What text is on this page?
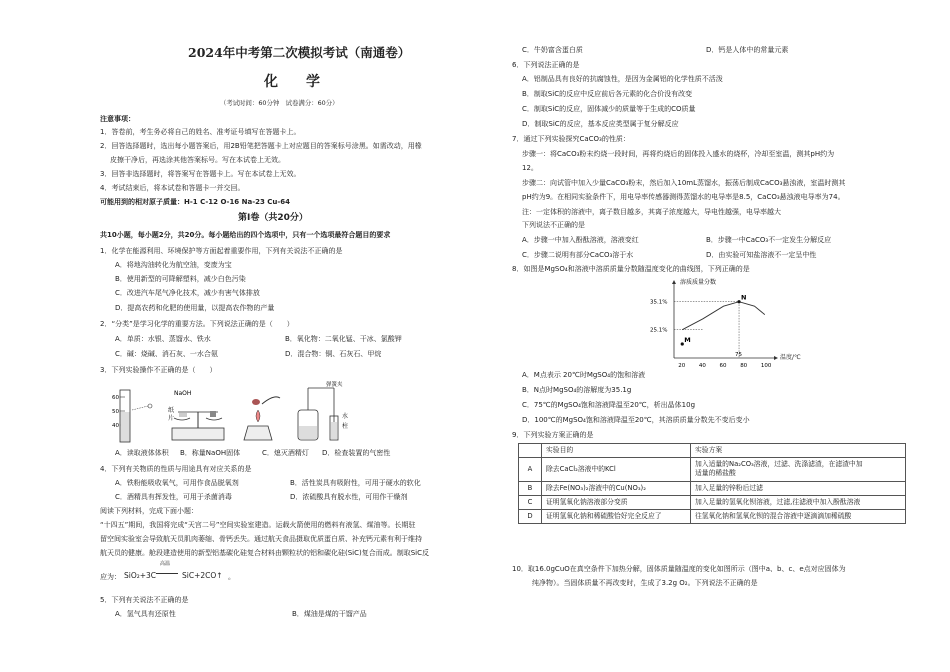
2024年中考第二次模拟考试（南通卷）
化学
（考试时间：60分钟　试卷满分：60分）
注意事项：
1．答卷前，考生务必将自己的姓名、准考证号填写在答题卡上。
2．回答选择题时，选出每小题答案后，用2B铅笔把答题卡上对应题目的答案标号涂黑。如需改动，用橡
皮擦干净后，再选涂其他答案标号。写在本试卷上无效。
3．回答非选择题时，将答案写在答题卡上。写在本试卷上无效。
4．考试结束后，将本试卷和答题卡一并交回。
可能用到的相对原子质量：H-1 C-12 O-16 Na-23 Cu-64
第Ⅰ卷（共20分）
共10小题，每小题2分，共20分。每小题给出的四个选项中，只有一个选项最符合题目的要求
1．化学在能源利用、环境保护等方面起着重要作用，下列有关说法不正确的是
A．将地沟油转化为航空油，变废为宝
B．使用新型的可降解塑料，减少白色污染
C．改进汽车尾气净化技术，减少有害气体排放
D．提高农药和化肥的使用量，以提高农作物的产量
2．“分类”是学习化学的重要方法。下列说法正确的是（　　）
A．单质：水银、蒸馏水、铁水	B．氧化物：二氧化锰、干冰、氯酸钾
C．碱：烧碱、消石灰、一水合氨	D．混合物：铜、石灰石、甲烷
3．下列实验操作不正确的是（　　）
60
50
40
NaOH
纸
片
弹簧夹
水
柱
A．读取液体体积 B．称量NaOH固体	C．熄灭酒精灯 D．检查装置的气密性
4．下列有关物质的性质与用途具有对应关系的是
A．铁粉能吸收氧气，可用作食品脱氧剂	B．活性炭具有吸附性，可用于硬水的软化
C．酒精具有挥发性，可用于杀菌消毒	D．浓硫酸具有脱水性，可用作干燥剂
阅读下列材料，完成下面小题：
“十四五”期间，我国将完成“天宫二号”空间实验室建造。运载火箭使用的燃料有液氢、煤油等。长期驻
留空间实验室会导致航天员肌肉萎缩、骨钙丢失。通过航天食品摄取优质蛋白质、补充钙元素有利于维持
航天员的健康。舱段建造使用的新型铝基碳化硅复合材料由颗粒状的铝和碳化硅(SiC)复合而成。制取SiC反
应为： SiO₂+3C
高温
SiC+2CO↑ 。
5．下列有关说法不正确的是
A．氢气具有还原性	B．煤油是煤的干馏产品
C．牛奶富含蛋白质	D．钙是人体中的常量元素
6．下列说法正确的是
A．铝制品具有良好的抗腐蚀性，是因为金属铝的化学性质不活泼
B．制取SiC的反应中反应前后各元素的化合价没有改变
C．制取SiC的反应，固体减少的质量等于生成的CO质量
D．制取SiC的反应，基本反应类型属于复分解反应
7．通过下列实验探究CaCO₃的性质：
步骤一：将CaCO₃粉末灼烧一段时间，再将灼烧后的固体投入盛水的烧杯，冷却至室温，测其pH约为
12。
步骤二：向试管中加入少量CaCO₃粉末，然后加入10mL蒸馏水，振荡后制成CaCO₃悬浊液，室温时测其
pH约为9。在相同实验条件下，用电导率传感器测得蒸馏水的电导率是8.5，CaCO₃悬浊液电导率为74。
注：一定体积的溶液中，离子数目越多，其离子浓度越大，导电性越强，电导率越大
下列说法不正确的是
A．步骤一中加入酚酞溶液，溶液变红	B．步骤一中CaCO₃不一定发生分解反应
C．步骤二说明有部分CaCO₃溶于水	D．由实验可知盐溶液不一定呈中性
8．如图是MgSO₄和溶液中溶质质量分数随温度变化的曲线图，下列正确的是
溶质质量分数
20 40 60 80 100
35.1%
25.1%
M
N
75	温度/℃
A．M点表示 20℃时MgSO₄的饱和溶液
B．N点时MgSO₄的溶解度为35.1g
C．75℃的MgSO₄饱和溶液降温至20℃，析出晶体10g
D．100℃的MgSO₄饱和溶液降温至20℃，其溶质质量分数先不变后变小
9．下列实验方案正确的是
	实验目的	实验方案
A	除去CaCl₂溶液中的KCl	加入适量的Na₂CO₃溶液，过滤、洗涤滤渣，在滤渣中加
适量的稀盐酸
B	除去Fe(NO₃)₂溶液中的Cu(NO₃)₂	加入足量的锌粉后过滤
C	证明氢氧化钠溶液部分变质	加入足量的氢氧化钡溶液，过滤,往滤液中加入酚酞溶液
D	证明氢氧化钠和稀硫酸恰好完全反应了	往氢氧化钠和氢氧化钡的混合溶液中逐滴滴加稀硫酸
10．取16.0gCuO在真空条件下加热分解，固体质量随温度的变化如图所示（图中a、b、c、e点对应固体为
纯净物）。当固体质量不再改变时，生成了3.2g O₂。下列说法不正确的是
